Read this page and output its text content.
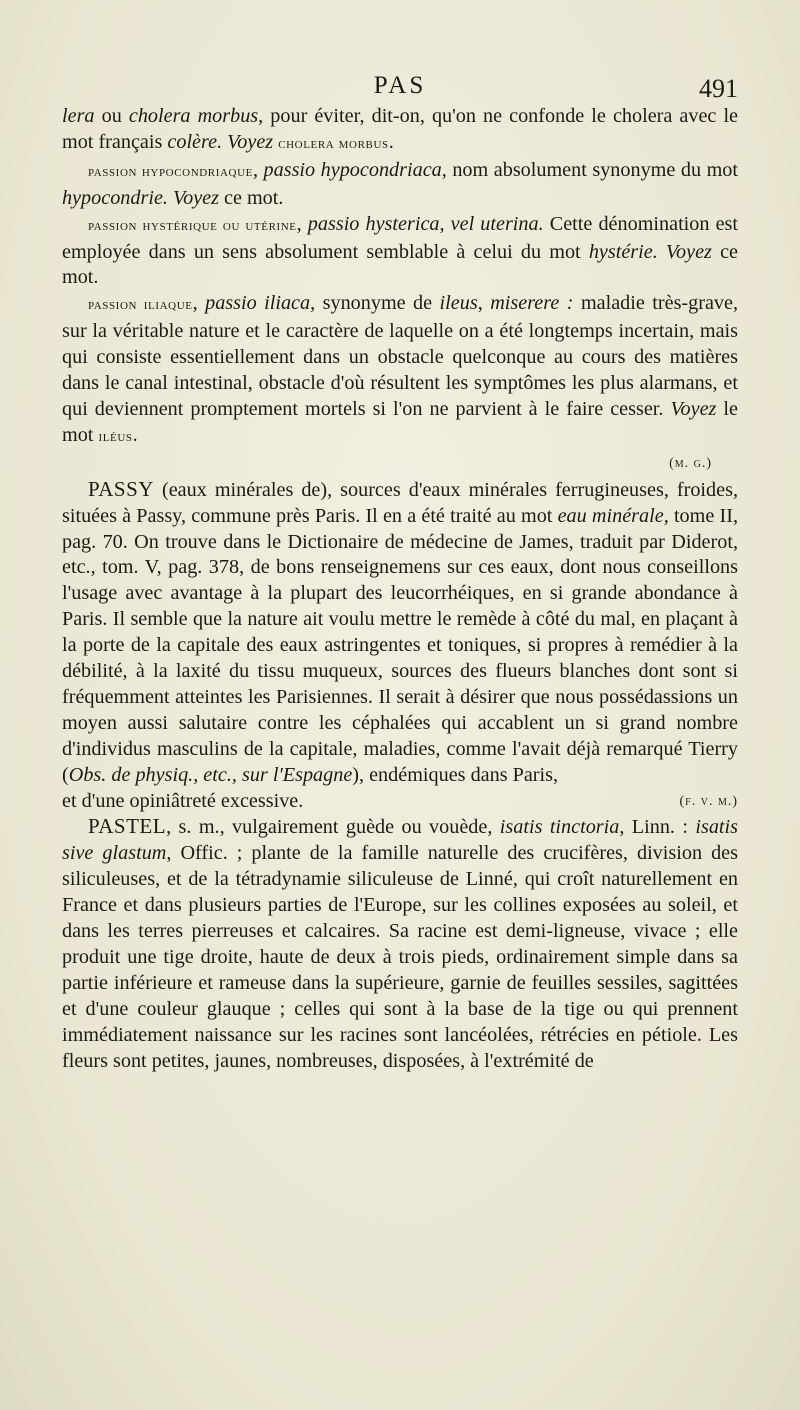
PAS	491

lera ou cholera morbus, pour éviter, dit-on, qu'on ne confonde le cholera avec le mot français colère. Voyez cholera morbus.

passion hypocondriaque, passio hypocondriaca, nom absolument synonyme du mot hypocondrie. Voyez ce mot.

passion hystérique ou utérine, passio hysterica, vel uterina. Cette dénomination est employée dans un sens absolument semblable à celui du mot hystérie. Voyez ce mot.

passion iliaque, passio iliaca, synonyme de ileus, miserere : maladie très-grave, sur la véritable nature et le caractère de laquelle on a été longtemps incertain, mais qui consiste essentiellement dans un obstacle quelconque au cours des matières dans le canal intestinal, obstacle d'où résultent les symptômes les plus alarmans, et qui deviennent promptement mortels si l'on ne parvient à le faire cesser. Voyez le mot iléus.

(m. g.)

PASSY (eaux minérales de), sources d'eaux minérales ferrugineuses, froides, situées à Passy, commune près Paris. Il en a été traité au mot eau minérale, tome II, pag. 70. On trouve dans le Dictionaire de médecine de James, traduit par Diderot, etc., tom. V, pag. 378, de bons renseignemens sur ces eaux, dont nous conseillons l'usage avec avantage à la plupart des leucorrhéiques, en si grande abondance à Paris. Il semble que la nature ait voulu mettre le remède à côté du mal, en plaçant à la porte de la capitale des eaux astringentes et toniques, si propres à remédier à la débilité, à la laxité du tissu muqueux, sources des flueurs blanches dont sont si fréquemment atteintes les Parisiennes. Il serait à désirer que nous possédassions un moyen aussi salutaire contre les céphalées qui accablent un si grand nombre d'individus masculins de la capitale, maladies, comme l'avait déjà remarqué Tierry (Obs. de physiq., etc., sur l'Espagne), endémiques dans Paris,

et d'une opiniâtreté excessive.	(f. v. m.)

PASTEL, s. m., vulgairement guède ou vouède, isatis tinctoria, Linn. : isatis sive glastum, Offic. ; plante de la famille naturelle des crucifères, division des siliculeuses, et de la tétradynamie siliculeuse de Linné, qui croît naturellement en France et dans plusieurs parties de l'Europe, sur les collines exposées au soleil, et dans les terres pierreuses et calcaires. Sa racine est demi-ligneuse, vivace ; elle produit une tige droite, haute de deux à trois pieds, ordinairement simple dans sa partie inférieure et rameuse dans la supérieure, garnie de feuilles sessiles, sagittées et d'une couleur glauque ; celles qui sont à la base de la tige ou qui prennent immédiatement naissance sur les racines sont lancéolées, rétrécies en pétiole. Les fleurs sont petites, jaunes, nombreuses, disposées, à l'extrémité de
